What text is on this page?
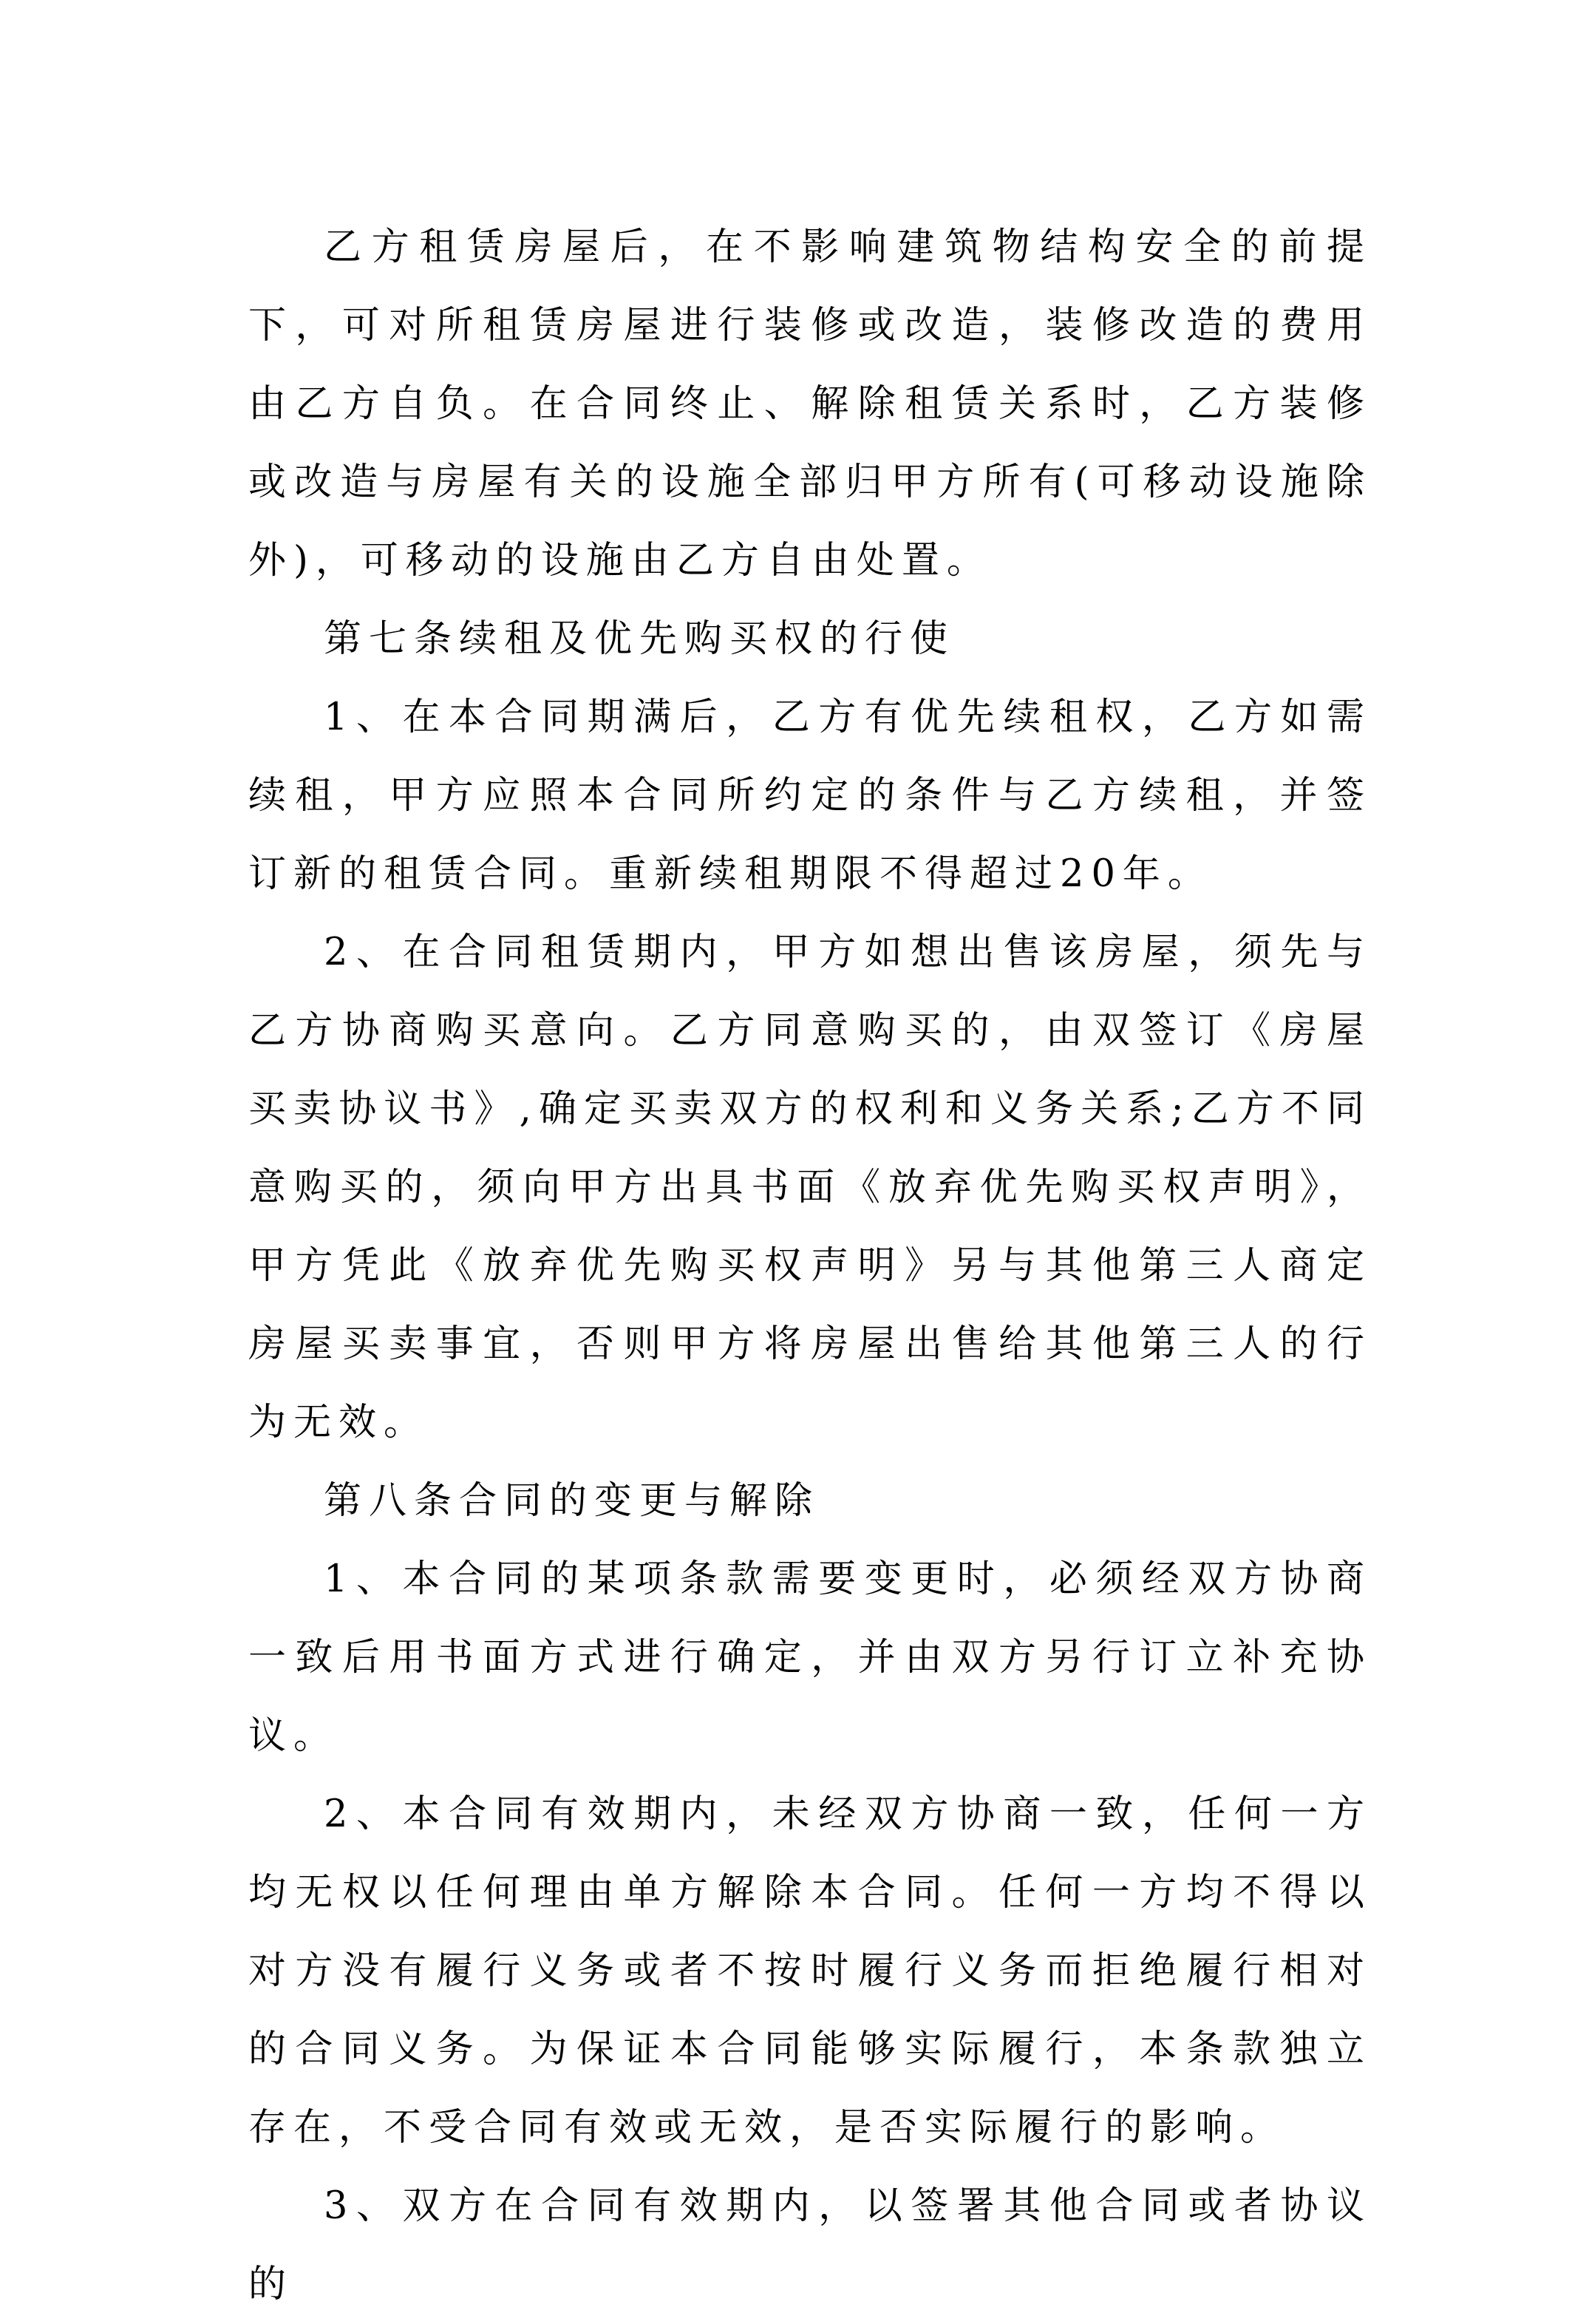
乙方租赁房屋后，在不影响建筑物结构安全的前提下，可对所租赁房屋进行装修或改造，装修改造的费用由乙方自负。在合同终止、解除租赁关系时，乙方装修或改造与房屋有关的设施全部归甲方所有(可移动设施除外)，可移动的设施由乙方自由处置。

第七条续租及优先购买权的行使

1、在本合同期满后，乙方有优先续租权，乙方如需续租，甲方应照本合同所约定的条件与乙方续租，并签订新的租赁合同。重新续租期限不得超过20年。

2、在合同租赁期内，甲方如想出售该房屋，须先与乙方协商购买意向。乙方同意购买的，由双签订《房屋买卖协议书》,确定买卖双方的权利和义务关系;乙方不同意购买的，须向甲方出具书面《放弃优先购买权声明》，甲方凭此《放弃优先购买权声明》另与其他第三人商定房屋买卖事宜，否则甲方将房屋出售给其他第三人的行为无效。

第八条合同的变更与解除

1、本合同的某项条款需要变更时，必须经双方协商一致后用书面方式进行确定，并由双方另行订立补充协议。

2、本合同有效期内，未经双方协商一致，任何一方均无权以任何理由单方解除本合同。任何一方均不得以对方没有履行义务或者不按时履行义务而拒绝履行相对的合同义务。为保证本合同能够实际履行，本条款独立存在，不受合同有效或无效，是否实际履行的影响。

3、双方在合同有效期内，以签署其他合同或者协议的
